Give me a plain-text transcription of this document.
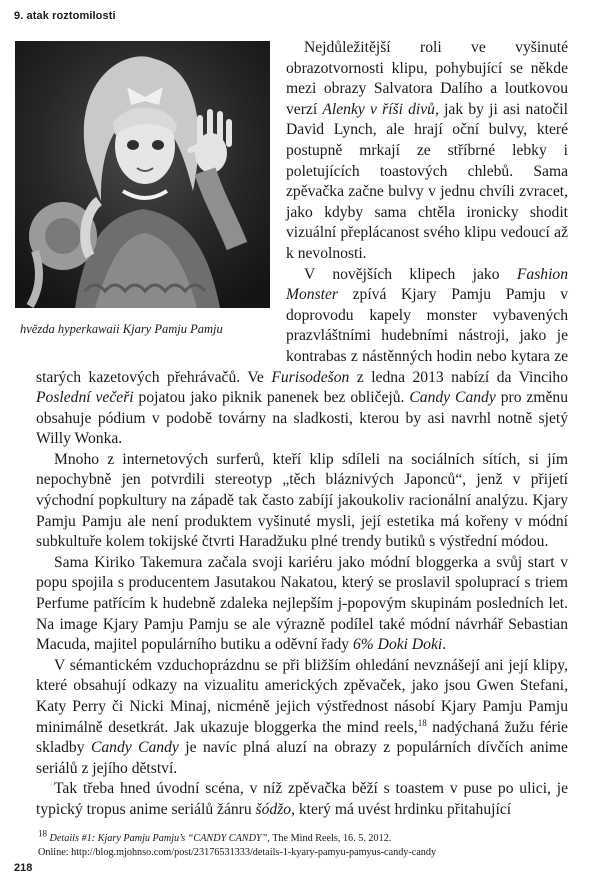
9. atak roztomilosti
hvězda hyperkawaii Kjary Pamju Pamju

Nejdůležitější roli ve vyšinuté obrazotvornosti klipu, pohybující se někde mezi obrazy Salvatora Dalího a loutkovou verzí Alenky v říši divů, jak by ji asi natočil David Lynch, ale hrají oční bulvy, které postupně mrkají ze stříbrné lebky i poletujících toastových chlebů. Sama zpěvačka začne bulvy v jednu chvíli zvracet, jako kdyby sama chtěla ironicky shodit vizuální přeplácanost svého klipu vedoucí až k nevolnosti.

V novějších klipech jako Fashion Monster zpívá Kjary Pamju Pamju v doprovodu kapely monster vybavených prazvláštními hudebními nástroji, jako je kontrabas z nástěnných hodin nebo kytara ze starých kazetových přehrávačů. Ve Furisodešon z ledna 2013 nabízí da Vinciho Poslední večeři pojatou jako piknik panenek bez obličejů. Candy Candy pro změnu obsahuje pódium v podobě továrny na sladkosti, kterou by asi navrhl notně sjetý Willy Wonka.

Mnoho z internetových surferů, kteří klip sdíleli na sociálních sítích, si jím nepochybně jen potvrdili stereotyp „těch bláznivých Japonců“, jenž v přijetí východní popkultury na západě tak často zabíjí jakoukoliv racionální analýzu. Kjary Pamju Pamju ale není produktem vyšinuté mysli, její estetika má kořeny v módní subkultuře kolem tokijské čtvrti Haradžuku plné trendy butiků s výstřední módou.

Sama Kiriko Takemura začala svoji kariéru jako módní bloggerka a svůj start v popu spojila s producentem Jasutakou Nakatou, který se proslavil spoluprací s triem Perfume patřícím k hudebně zdaleka nejlepším j-popovým skupinám posledních let. Na image Kjary Pamju Pamju se ale výrazně podílel také módní návrhář Sebastian Macuda, majitel populárního butiku a oděvní řady 6% Doki Doki.

V sémantickém vzduchoprázdnu se při bližším ohledání nevznášejí ani její klipy, které obsahují odkazy na vizualitu amerických zpěvaček, jako jsou Gwen Stefani, Katy Perry či Nicki Minaj, nicméně jejich výstřednost násobí Kjary Pamju Pamju minimálně desetkrát. Jak ukazuje bloggerka the mind reels,$^{18}$ nadýchaná žužu férie skladby Candy Candy je navíc plná aluzí na obrazy z populárních dívčích anime seriálů z jejího dětství.

Tak třeba hned úvodní scéna, v níž zpěvačka běží s toastem v puse po ulici, je typický tropus anime seriálů žánru šódžo, který má uvést hrdinku přitahující

18 Details #1: Kjary Pamju Pamju’s “CANDY CANDY”, The Mind Reels, 16. 5. 2012.
Online: http://blog.mjohnso.com/post/23176531333/details-1-kyary-pamyu-pamyus-candy-candy
218
